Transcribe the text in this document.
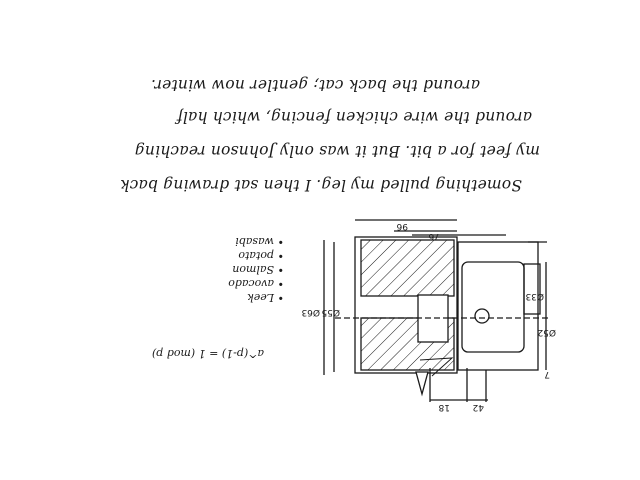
Something pulled my leg. I then sat drawing back
my feet for a bit. But it was only Johnson reaching
around the wire chicken fencing, which half
around the back cat; gentler now winter.
• Leek
• avocado
• Salmon
• potato
• wasabi
a^(p-1) = 1 (mod p)
96
76
Ø63 Ø55
Ø33
Ø52
42
18
7
